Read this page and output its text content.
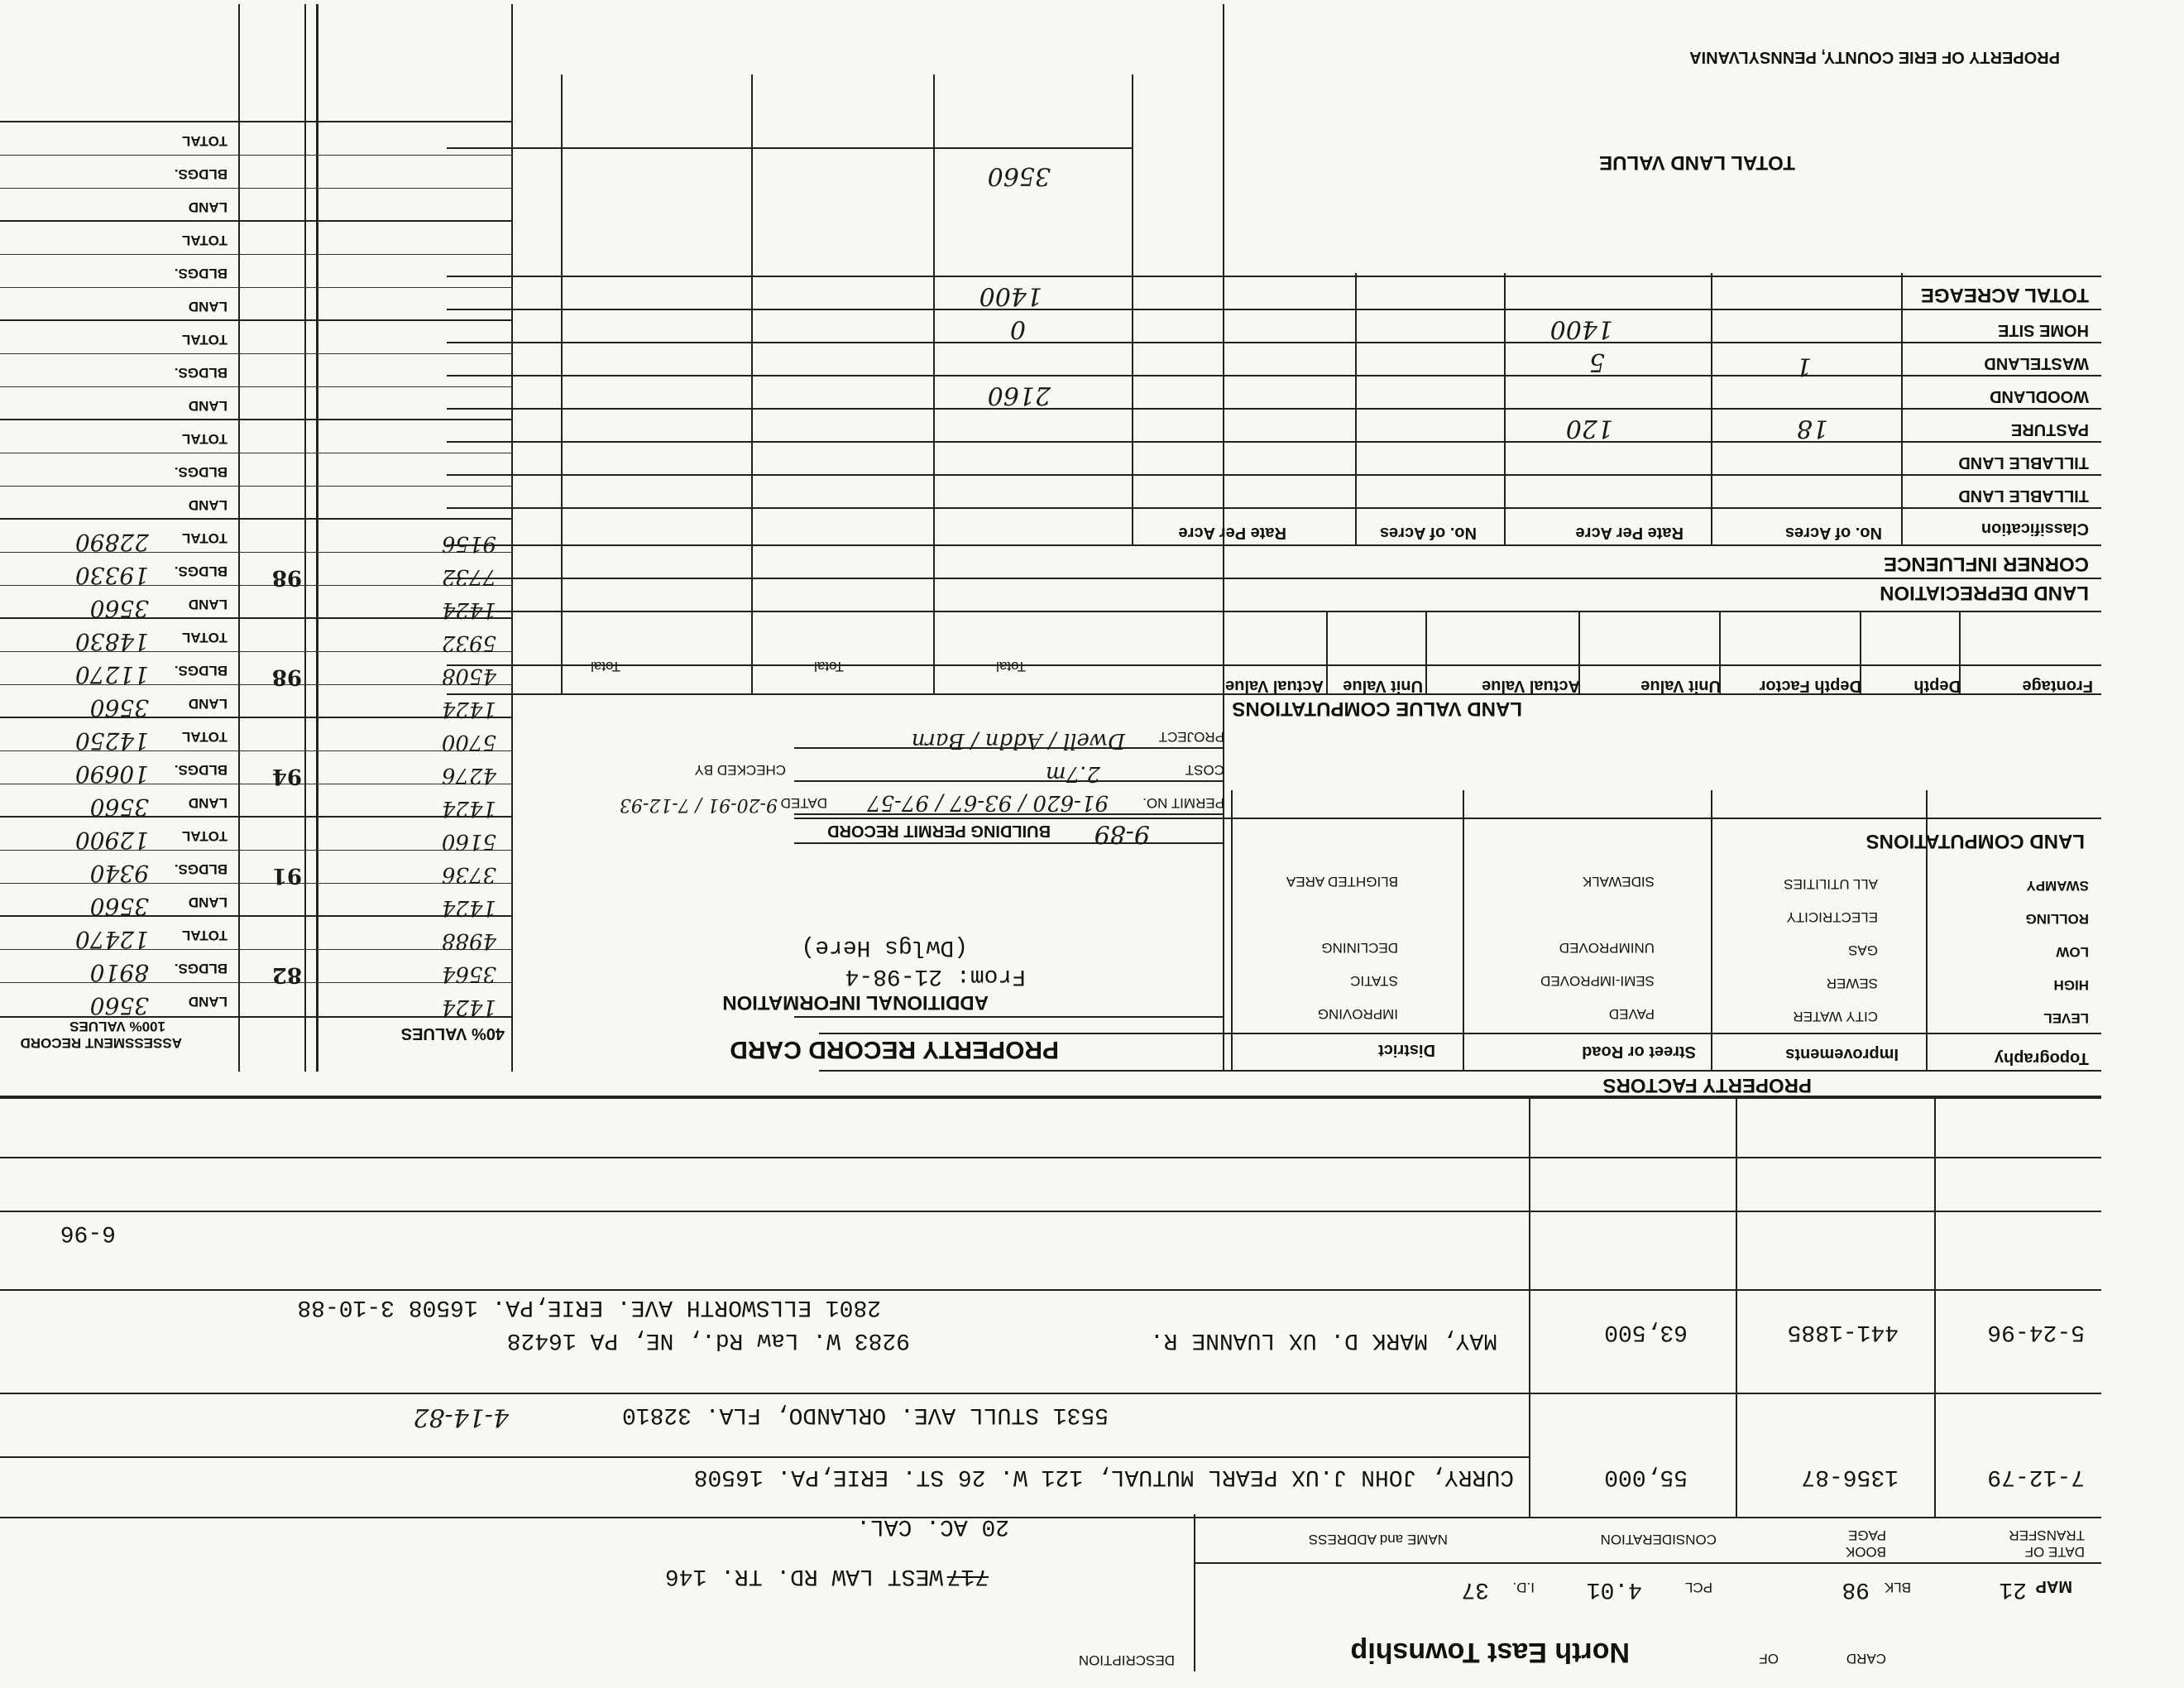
CARD
OF
North East Township
DESCRIPTION
717
WEST LAW RD. TR. 146
20 AC. CAL.
MAP
21
BLK
98
PCL
4.01
I.D.
37
DATE OF TRANSFER
BOOK PAGE
CONSIDERATION
NAME and ADDRESS
7-12-79
1356-87
55,000
CURRY, JOHN J.UX PEARL MUTUAL, 121 W. 26 ST. ERIE,PA. 16508
5531 STULL AVE. ORLANDO, FLA. 32810
4-14-82
5-24-96
441-1885
63,500
MAY, MARK D. UX LUANNE R.
9283 W. Law Rd., NE, PA 16428
2801 ELLSWORTH AVE. ERIE,PA. 16508 3-10-88
6-96
PROPERTY FACTORS
Topography
Improvements
Street or Road
District
LEVEL
HIGH
LOW
ROLLING
SWAMPY
CITY WATER
SEWER
GAS
ELECTRICITY
ALL UTILITIES
PAVED
SEMI-IMPROVED
UNIMPROVED
SIDEWALK
IMPROVING
STATIC
DECLINING
BLIGHTED AREA
PROPERTY RECORD CARD
ADDITIONAL INFORMATION
From: 21-98-4
(Dwlgs Here)
BUILDING PERMIT RECORD 9-89
PERMIT NO.
91-620 / 93-67 / 97-57
COST
2.7m
DATED
9-20-91 / 7-12-93
PROJECT
Dwell / Addn / Barn
CHECKED BY
LAND COMPUTATIONS
LAND VALUE COMPUTATIONS
Frontage
Depth
Depth Factor
Unit Value
Actual Value
Unit Value
Actual Value
Total
Total
Total
LAND DEPRECIATION
CORNER INFLUENCE
Classification
No. of Acres
Rate Per Acre
No. of Acres
Rate Per Acre
TILLABLE LAND
TILLABLE LAND
PASTURE
18
120
WOODLAND
2160
WASTELAND
1
5
HOME SITE
1400
0
TOTAL ACREAGE
1400
TOTAL LAND VALUE
3560
40% VALUES
100% VALUES
ASSESSMENT RECORD
1424
LAND
3560
3564
BLDGS.
8910
4988
TOTAL
12470
82
1424
LAND
3560
3736
BLDGS.
9340
5160
TOTAL
12900
91
1424
LAND
3560
4276
BLDGS.
10690
5700
TOTAL
14250
94
1424
LAND
3560
4508
BLDGS.
11270
5932
TOTAL
14830
98
1424
LAND
3560
7732
BLDGS.
19330
9156
TOTAL
22890
98
LAND
BLDGS.
TOTAL
LAND
BLDGS.
TOTAL
LAND
BLDGS.
TOTAL
LAND
BLDGS.
TOTAL
PROPERTY OF ERIE COUNTY, PENNSYLVANIA
